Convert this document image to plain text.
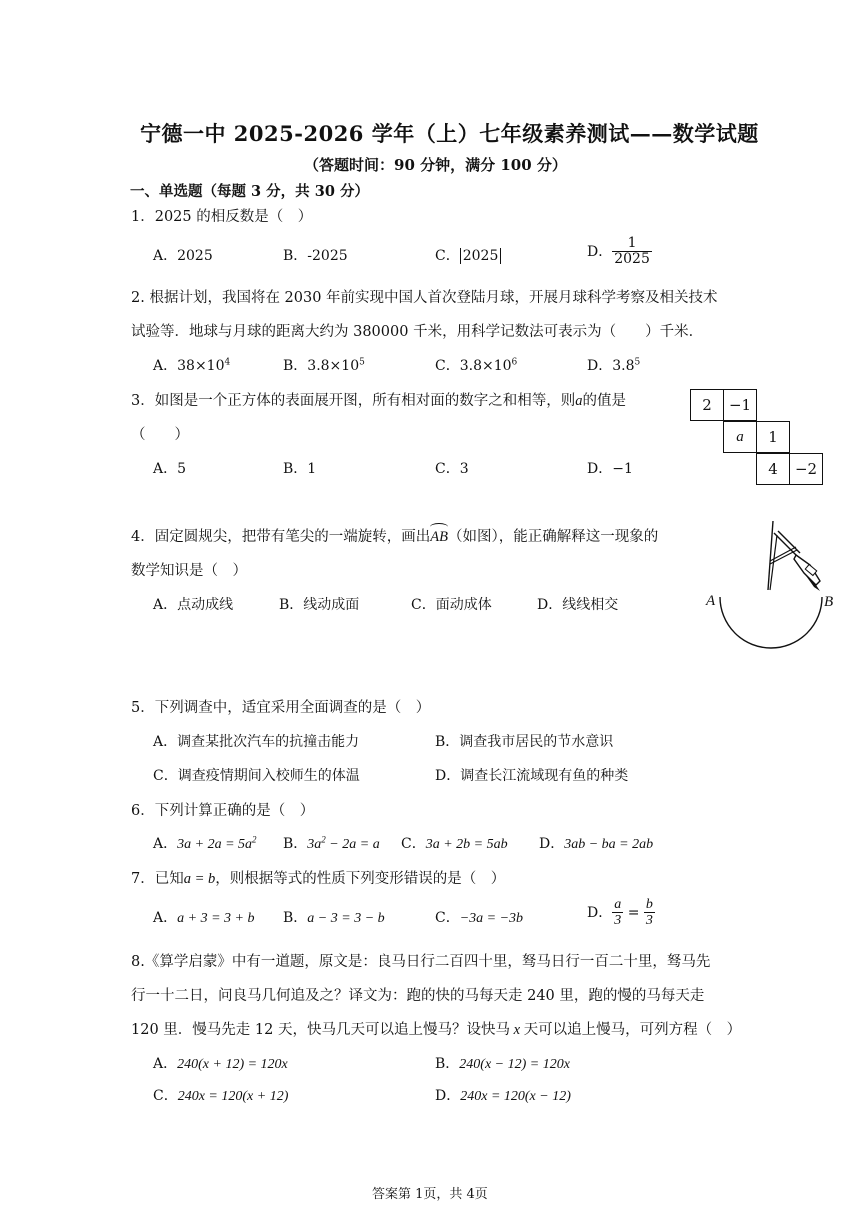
宁德一中 2025-2026 学年（上）七年级素养测试——数学试题
（答题时间：90 分钟，满分 100 分）
一、单选题（每题 3 分，共 30 分）
1．2025 的相反数是（　）
A．2025	B．-2025	C． 2025	D． $\frac{1}{2025}$
2. 根据计划，我国将在 2030 年前实现中国人首次登陆月球，开展月球科学考察及相关技术
试验等．地球与月球的距离大约为 380000 千米，用科学记数法可表示为（　　）千米．
A．$38\times 10^4$	B．$3.8\times 10^5$	C．$3.8\times 10^6$	D．$3.8^5$
3．如图是一个正方体的表面展开图，所有相对面的数字之和相等，则a的值是
（　　）
A．5	B．1	C．3	D．−1
2	−1
a	1
4	−2
4．固定圆规尖，把带有笔尖的一端旋转，画出
AB（如图），能正确解释这一现象的
数学知识是（　）
A．点动成线	B．线动成面	C．面动成体	D．线线相交	A	B
5．下列调查中，适宜采用全面调查的是（　）
A．调查某批次汽车的抗撞击能力	B．调查我市居民的节水意识
C．调查疫情期间入校师生的体温	D．调查长江流域现有鱼的种类
6．下列计算正确的是（　）
A．$3a + 2a = 5a^2$ B．$3a^2 - 2a = a$ C．3a + 2b = 5ab D．3ab − ba = 2ab
7．已知a = b，则根据等式的性质下列变形错误的是（　）
A．a + 3 = 3 + b B．a − 3 = 3 − b	C．−3a = −3b	D． $\frac{a}{3} = \frac{b}{3}$
8.《算学启蒙》中有一道题，原文是：良马日行二百四十里，驽马日行一百二十里，驽马先
行一十二日，问良马几何追及之？译文为：跑的快的马每天走 240 里，跑的慢的马每天走
120 里．慢马先走 12 天，快马几天可以追上慢马？设快马 x 天可以追上慢马，可列方程（　）
A．240(x + 12) = 120x	B．240(x − 12) = 120x
C．240x = 120(x + 12)	D．240x = 120(x − 12)
答案第 1页，共 4页
